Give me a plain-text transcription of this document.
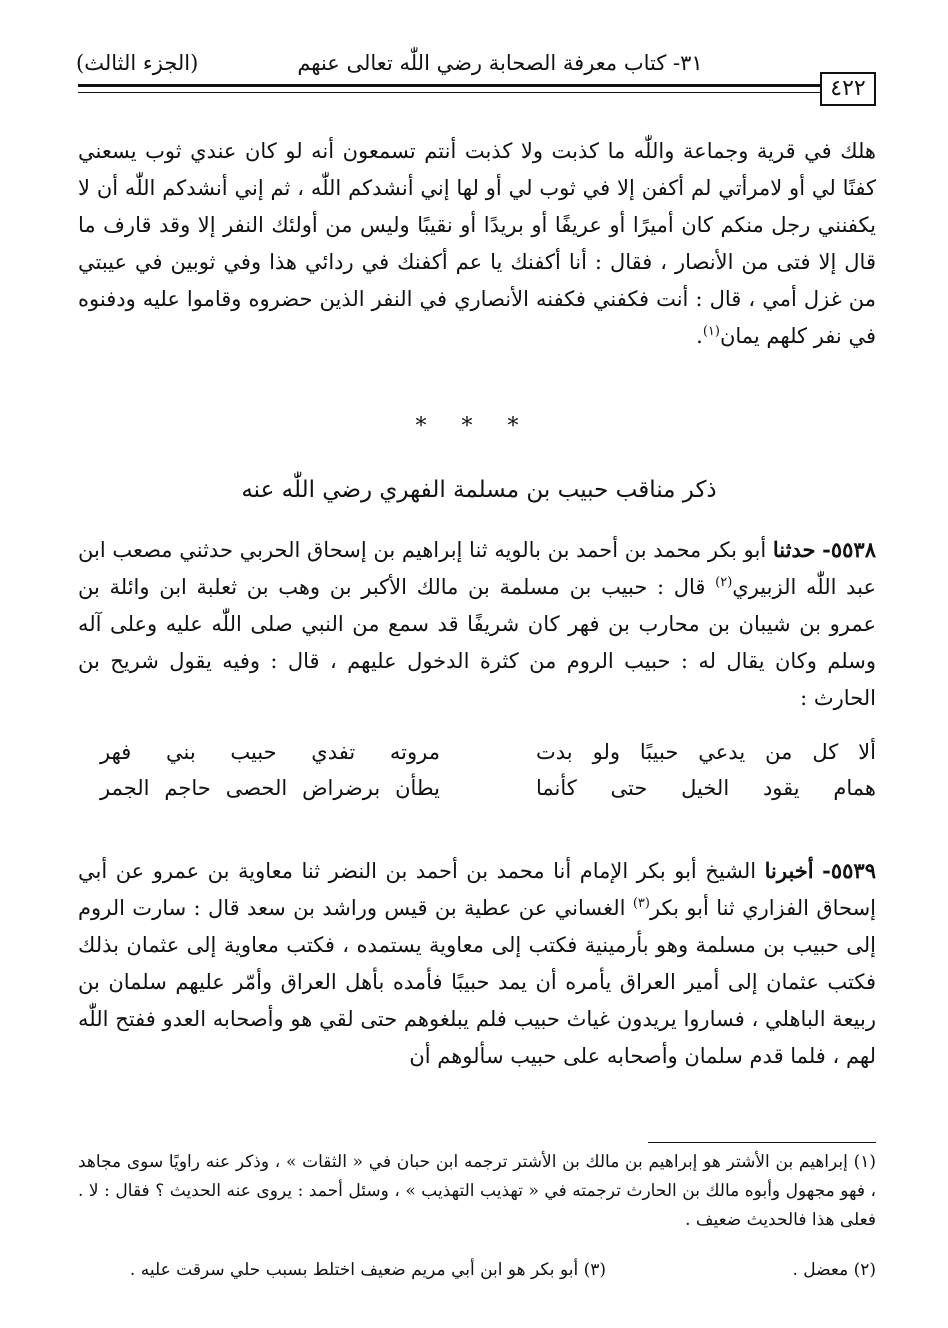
٣١- كتاب معرفة الصحابة رضي اللّٰه تعالى عنهم
(الجزء الثالث)
٤٢٢

هلك في قرية وجماعة واللّٰه ما كذبت ولا كذبت أنتم تسمعون أنه لو كان عندي ثوب يسعني كفنًا لي أو لامرأتي لم أكفن إلا في ثوب لي أو لها إني أنشدكم اللّٰه ، ثم إني أنشدكم اللّٰه أن لا يكفنني رجل منكم كان أميرًا أو عريفًا أو بريدًا أو نقيبًا وليس من أولئك النفر إلا وقد قارف ما قال إلا فتى من الأنصار ، فقال : أنا أكفنك يا عم أكفنك في ردائي هذا وفي ثوبين في عيبتي من غزل أمي ، قال : أنت فكفني فكفنه الأنصاري في النفر الذين حضروه وقاموا عليه ودفنوه في نفر كلهم يمان$^{(١)}$.

* * *
ذكر مناقب حبيب بن مسلمة الفهري رضي اللّٰه عنه

٥٥٣٨- حدثنا أبو بكر محمد بن أحمد بن بالويه ثنا إبراهيم بن إسحاق الحربي حدثني مصعب ابن عبد اللّٰه الزبيري$^{(٢)}$ قال : حبيب بن مسلمة بن مالك الأكبر بن وهب بن ثعلبة ابن وائلة بن عمرو بن شيبان بن محارب بن فهر كان شريفًا قد سمع من النبي صلى اللّٰه عليه وعلى آله وسلم وكان يقال له : حبيب الروم من كثرة الدخول عليهم ، قال : وفيه يقول شريح بن الحارث :

ألا كل من يدعي حبيبًا ولو بدت
مروته تفدي حبيب بني فهر
همام يقود الخيل حتى كأنما
يطأن برضراض الحصى حاجم الجمر

٥٥٣٩- أخبرنا الشيخ أبو بكر الإمام أنا محمد بن أحمد بن النضر ثنا معاوية بن عمرو عن أبي إسحاق الفزاري ثنا أبو بكر$^{(٣)}$ الغساني عن عطية بن قيس وراشد بن سعد قال : سارت الروم إلى حبيب بن مسلمة وهو بأرمينية فكتب إلى معاوية يستمده ، فكتب معاوية إلى عثمان بذلك فكتب عثمان إلى أمير العراق يأمره أن يمد حبيبًا فأمده بأهل العراق وأمّر عليهم سلمان بن ربيعة الباهلي ، فساروا يريدون غياث حبيب فلم يبلغوهم حتى لقي هو وأصحابه العدو ففتح اللّٰه لهم ، فلما قدم سلمان وأصحابه على حبيب سألوهم أن

(١) إبراهيم بن الأشتر هو إبراهيم بن مالك بن الأشتر ترجمه ابن حبان في « الثقات » ، وذكر عنه راويًا سوى مجاهد ، فهو مجهول وأبوه مالك بن الحارث ترجمته في « تهذيب التهذيب » ، وسئل أحمد : يروى عنه الحديث ؟ فقال : لا . فعلى هذا فالحديث ضعيف .

(٢) معضل .
(٣) أبو بكر هو ابن أبي مريم ضعيف اختلط بسبب حلي سرقت عليه .
